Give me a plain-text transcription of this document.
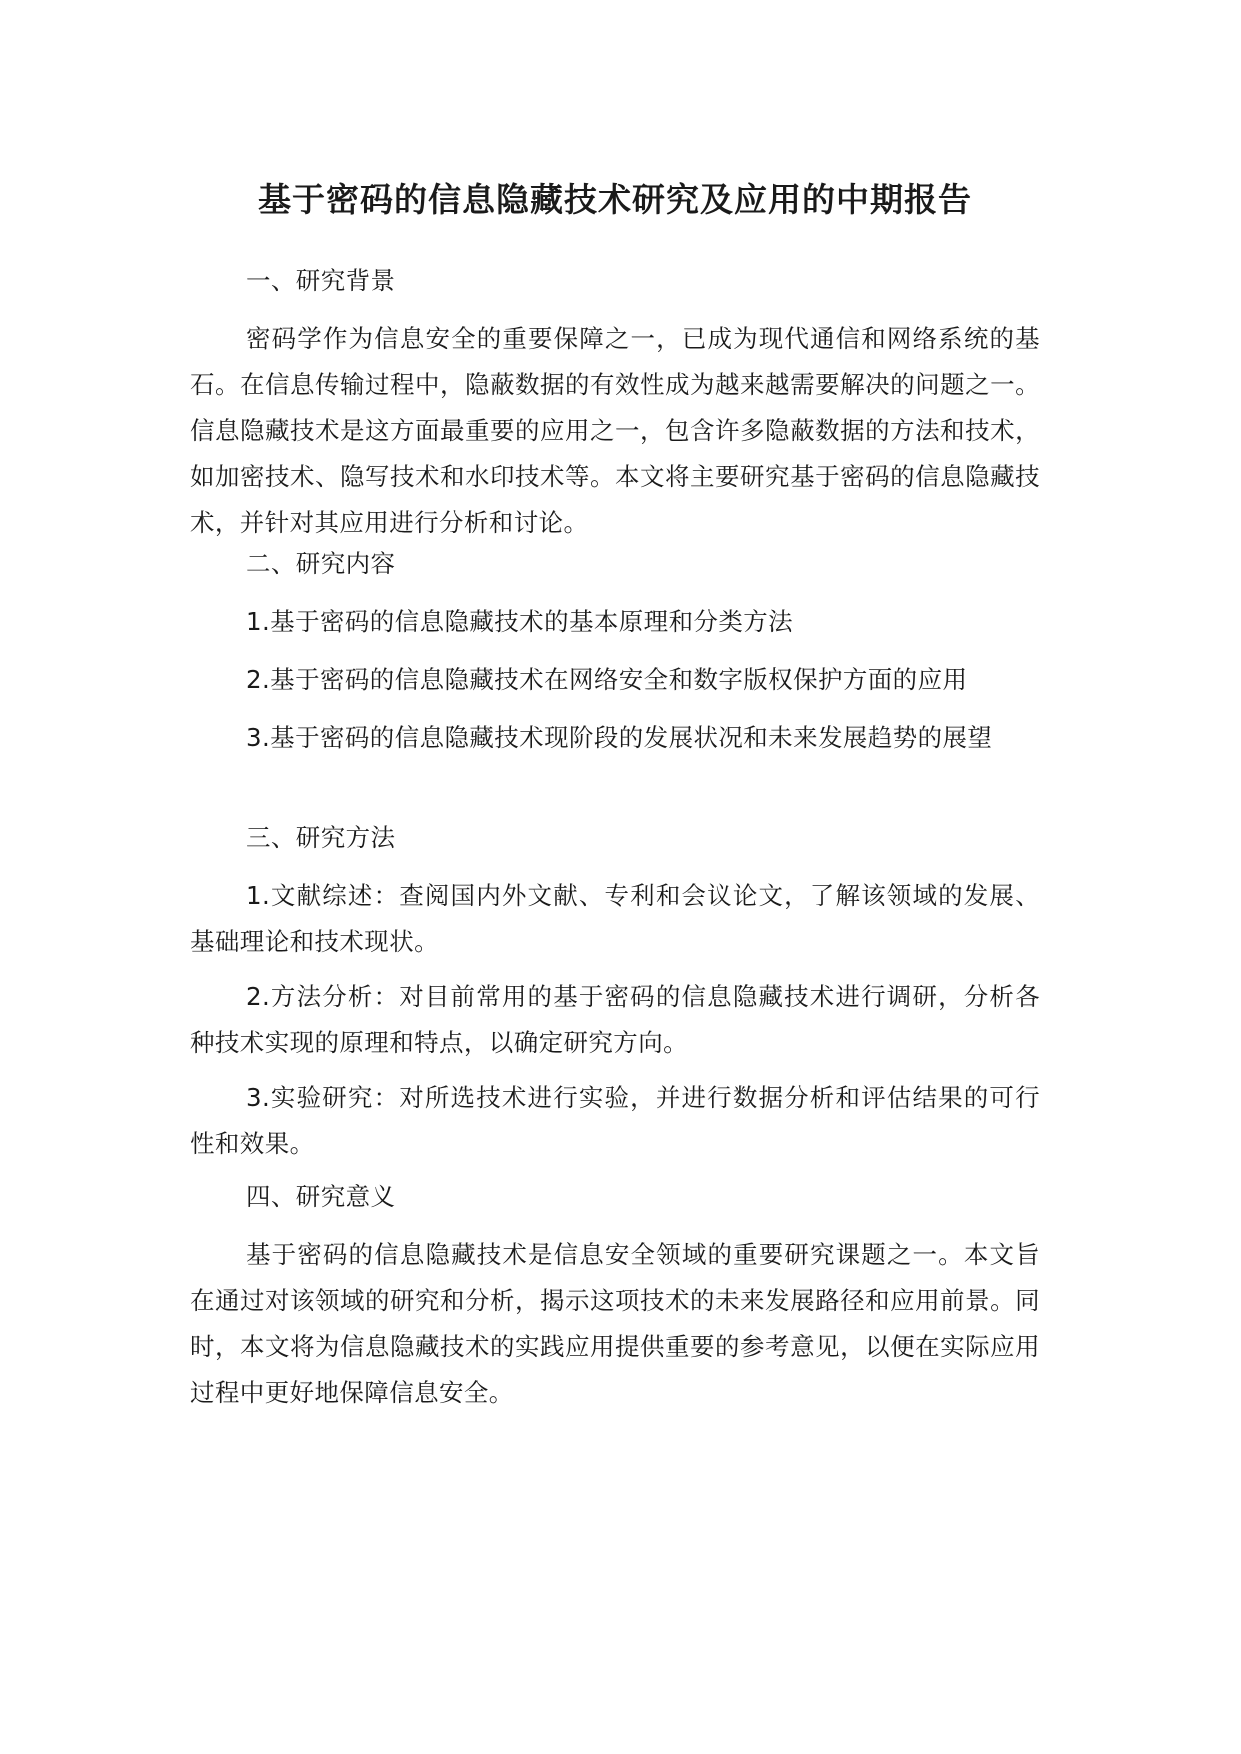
基于密码的信息隐藏技术研究及应用的中期报告

一、研究背景

密码学作为信息安全的重要保障之一，已成为现代通信和网络系统的基石。在信息传输过程中，隐蔽数据的有效性成为越来越需要解决的问题之一。信息隐藏技术是这方面最重要的应用之一，包含许多隐蔽数据的方法和技术，如加密技术、隐写技术和水印技术等。本文将主要研究基于密码的信息隐藏技术，并针对其应用进行分析和讨论。

二、研究内容

1.基于密码的信息隐藏技术的基本原理和分类方法

2.基于密码的信息隐藏技术在网络安全和数字版权保护方面的应用

3.基于密码的信息隐藏技术现阶段的发展状况和未来发展趋势的展望

三、研究方法

1.文献综述：查阅国内外文献、专利和会议论文，了解该领域的发展、基础理论和技术现状。

2.方法分析：对目前常用的基于密码的信息隐藏技术进行调研，分析各种技术实现的原理和特点，以确定研究方向。

3.实验研究：对所选技术进行实验，并进行数据分析和评估结果的可行性和效果。

四、研究意义

基于密码的信息隐藏技术是信息安全领域的重要研究课题之一。本文旨在通过对该领域的研究和分析，揭示这项技术的未来发展路径和应用前景。同时，本文将为信息隐藏技术的实践应用提供重要的参考意见，以便在实际应用过程中更好地保障信息安全。
